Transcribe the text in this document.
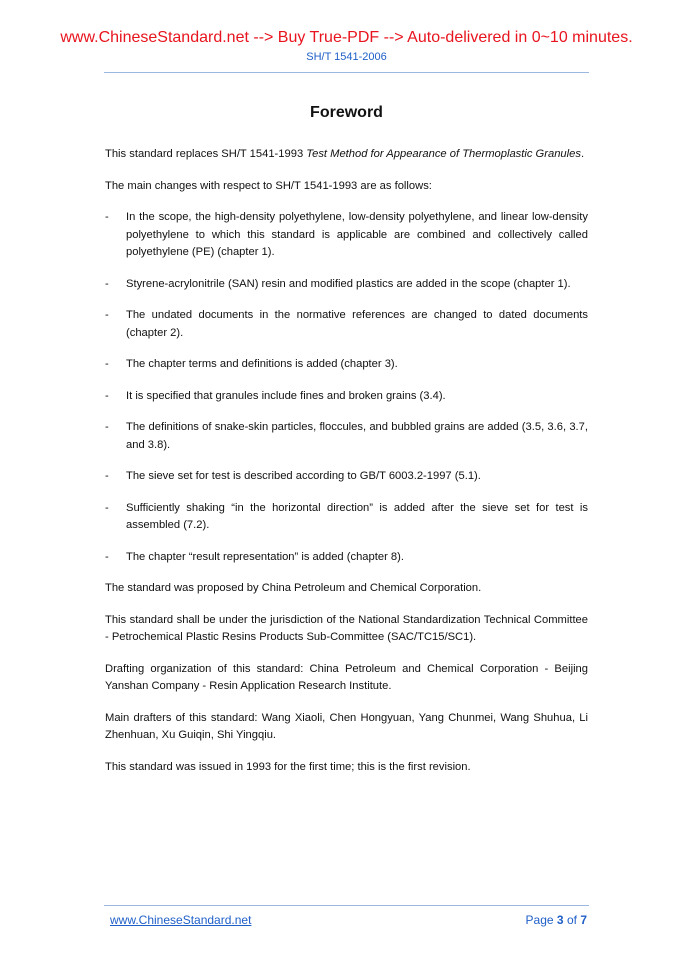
www.ChineseStandard.net --> Buy True-PDF --> Auto-delivered in 0~10 minutes.
SH/T 1541-2006
Foreword

This standard replaces SH/T 1541-1993 Test Method for Appearance of Thermoplastic Granules.

The main changes with respect to SH/T 1541-1993 are as follows:

- In the scope, the high-density polyethylene, low-density polyethylene, and linear low-density polyethylene to which this standard is applicable are combined and collectively called polyethylene (PE) (chapter 1).
- Styrene-acrylonitrile (SAN) resin and modified plastics are added in the scope (chapter 1).
- The undated documents in the normative references are changed to dated documents (chapter 2).
- The chapter terms and definitions is added (chapter 3).
- It is specified that granules include fines and broken grains (3.4).
- The definitions of snake-skin particles, floccules, and bubbled grains are added (3.5, 3.6, 3.7, and 3.8).
- The sieve set for test is described according to GB/T 6003.2-1997 (5.1).
- Sufficiently shaking “in the horizontal direction” is added after the sieve set for test is assembled (7.2).
- The chapter “result representation” is added (chapter 8).

The standard was proposed by China Petroleum and Chemical Corporation.

This standard shall be under the jurisdiction of the National Standardization Technical Committee - Petrochemical Plastic Resins Products Sub-Committee (SAC/TC15/SC1).

Drafting organization of this standard: China Petroleum and Chemical Corporation - Beijing Yanshan Company - Resin Application Research Institute.

Main drafters of this standard: Wang Xiaoli, Chen Hongyuan, Yang Chunmei, Wang Shuhua, Li Zhenhuan, Xu Guiqin, Shi Yingqiu.

This standard was issued in 1993 for the first time; this is the first revision.

www.ChineseStandard.net	Page 3 of 7
